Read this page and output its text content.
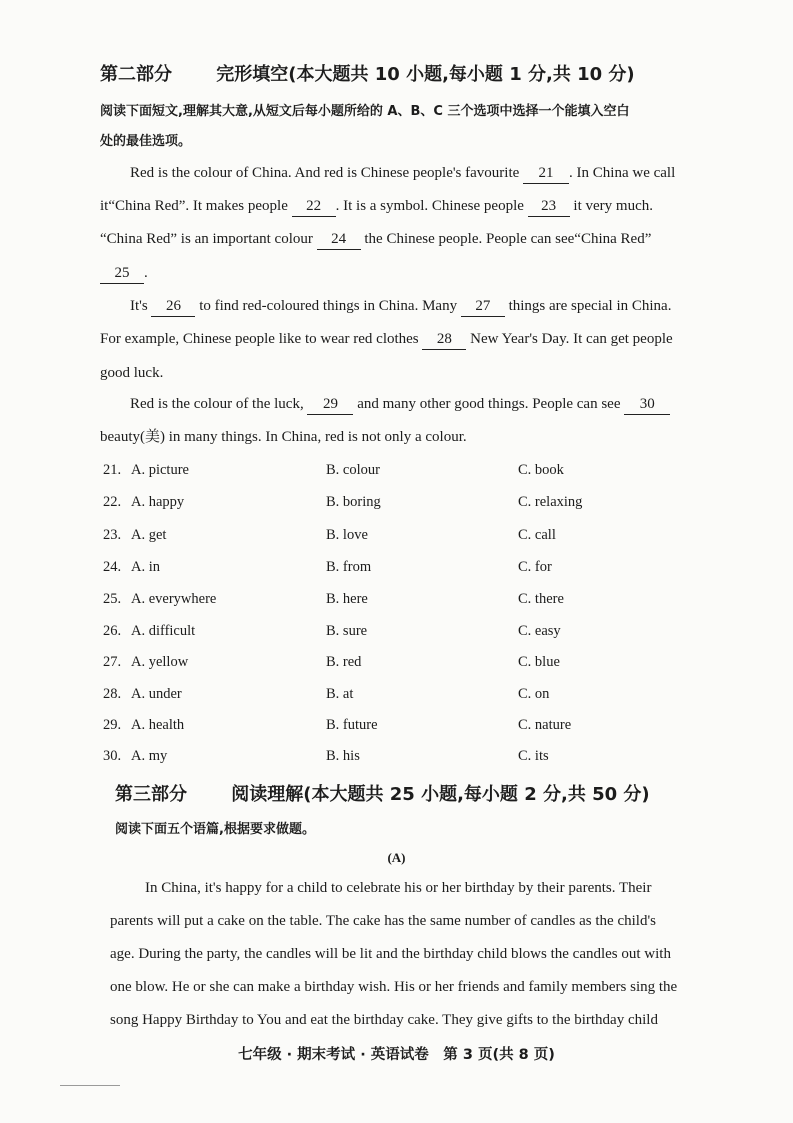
第二部分 完形填空(本大题共 10 小题,每小题 1 分,共 10 分)
阅读下面短文,理解其大意,从短文后每小题所给的 A、B、C 三个选项中选择一个能填入空白
处的最佳选项。
Red is the colour of China. And red is Chinese people's favourite 21 . In China we call
it“China Red”. It makes people 22 . It is a symbol. Chinese people 23 it very much.
“China Red” is an important colour 24 the Chinese people. People can see“China Red”
25 .
It's 26 to find red-coloured things in China. Many 27 things are special in China.
For example, Chinese people like to wear red clothes 28 New Year's Day. It can get people
good luck.
Red is the colour of the luck, 29 and many other good things. People can see 30
beauty(美) in many things. In China, red is not only a colour.
21. A. picture	B. colour	C. book
22. A. happy	B. boring	C. relaxing
23. A. get	B. love	C. call
24. A. in	B. from	C. for
25. A. everywhere	B. here	C. there
26. A. difficult	B. sure	C. easy
27. A. yellow	B. red	C. blue
28. A. under	B. at	C. on
29. A. health	B. future	C. nature
30. A. my	B. his	C. its
第三部分 阅读理解(本大题共 25 小题,每小题 2 分,共 50 分)
阅读下面五个语篇,根据要求做题。
(A)
In China, it's happy for a child to celebrate his or her birthday by their parents. Their
parents will put a cake on the table. The cake has the same number of candles as the child's
age. During the party, the candles will be lit and the birthday child blows the candles out with
one blow. He or she can make a birthday wish. His or her friends and family members sing the
song Happy Birthday to You and eat the birthday cake. They give gifts to the birthday child
七年级 · 期末考试 · 英语试卷　第 3 页(共 8 页)
